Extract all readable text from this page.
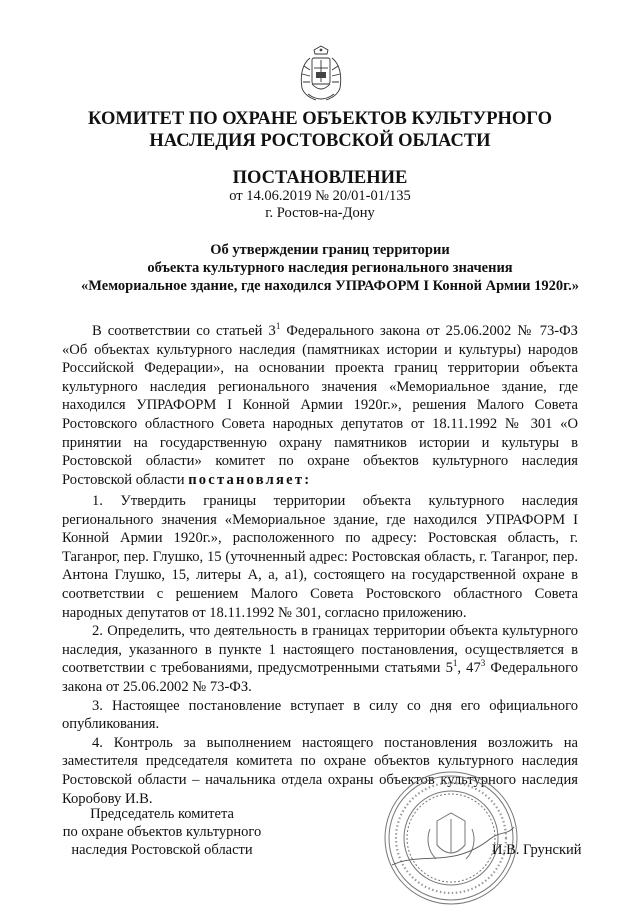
КОМИТЕТ ПО ОХРАНЕ ОБЪЕКТОВ КУЛЬТУРНОГО
НАСЛЕДИЯ РОСТОВСКОЙ ОБЛАСТИ
ПОСТАНОВЛЕНИЕ
от 14.06.2019 № 20/01-01/135
г. Ростов-на-Дону
Об утверждении границ территории
объекта культурного наследия регионального значения
«Мемориальное здание, где находился УПРАФОРМ I Конной Армии 1920г.»

В соответствии со статьей $3^1$ Федерального закона от 25.06.2002 № 73-ФЗ «Об объектах культурного наследия (памятниках истории и культуры) народов Российской Федерации», на основании проекта границ территории объекта культурного наследия регионального значения «Мемориальное здание, где находился УПРАФОРМ I Конной Армии 1920г.», решения Малого Совета Ростовского областного Совета народных депутатов от 18.11.1992 № 301 «О принятии на государственную охрану памятников истории и культуры в Ростовской области» комитет по охране объектов культурного наследия Ростовской области постановляет:

1. Утвердить границы территории объекта культурного наследия регионального значения «Мемориальное здание, где находился УПРАФОРМ I Конной Армии 1920г.», расположенного по адресу: Ростовская область, г. Таганрог, пер. Глушко, 15 (уточненный адрес: Ростовская область, г. Таганрог, пер. Антона Глушко, 15, литеры А, а, а1), состоящего на государственной охране в соответствии с решением Малого Совета Ростовского областного Совета народных депутатов от 18.11.1992 № 301, согласно приложению.

2. Определить, что деятельность в границах территории объекта культурного наследия, указанного в пункте 1 настоящего постановления, осуществляется в соответствии с требованиями, предусмотренными статьями $5^1$, $47^3$ Федерального закона от 25.06.2002 № 73-ФЗ.

3. Настоящее постановление вступает в силу со дня его официального опубликования.

4. Контроль за выполнением настоящего постановления возложить на заместителя председателя комитета по охране объектов культурного наследия Ростовской области – начальника отдела охраны объектов культурного наследия Коробову И.В.

Председатель комитета
по охране объектов культурного
наследия Ростовской области	И.В. Грунский
